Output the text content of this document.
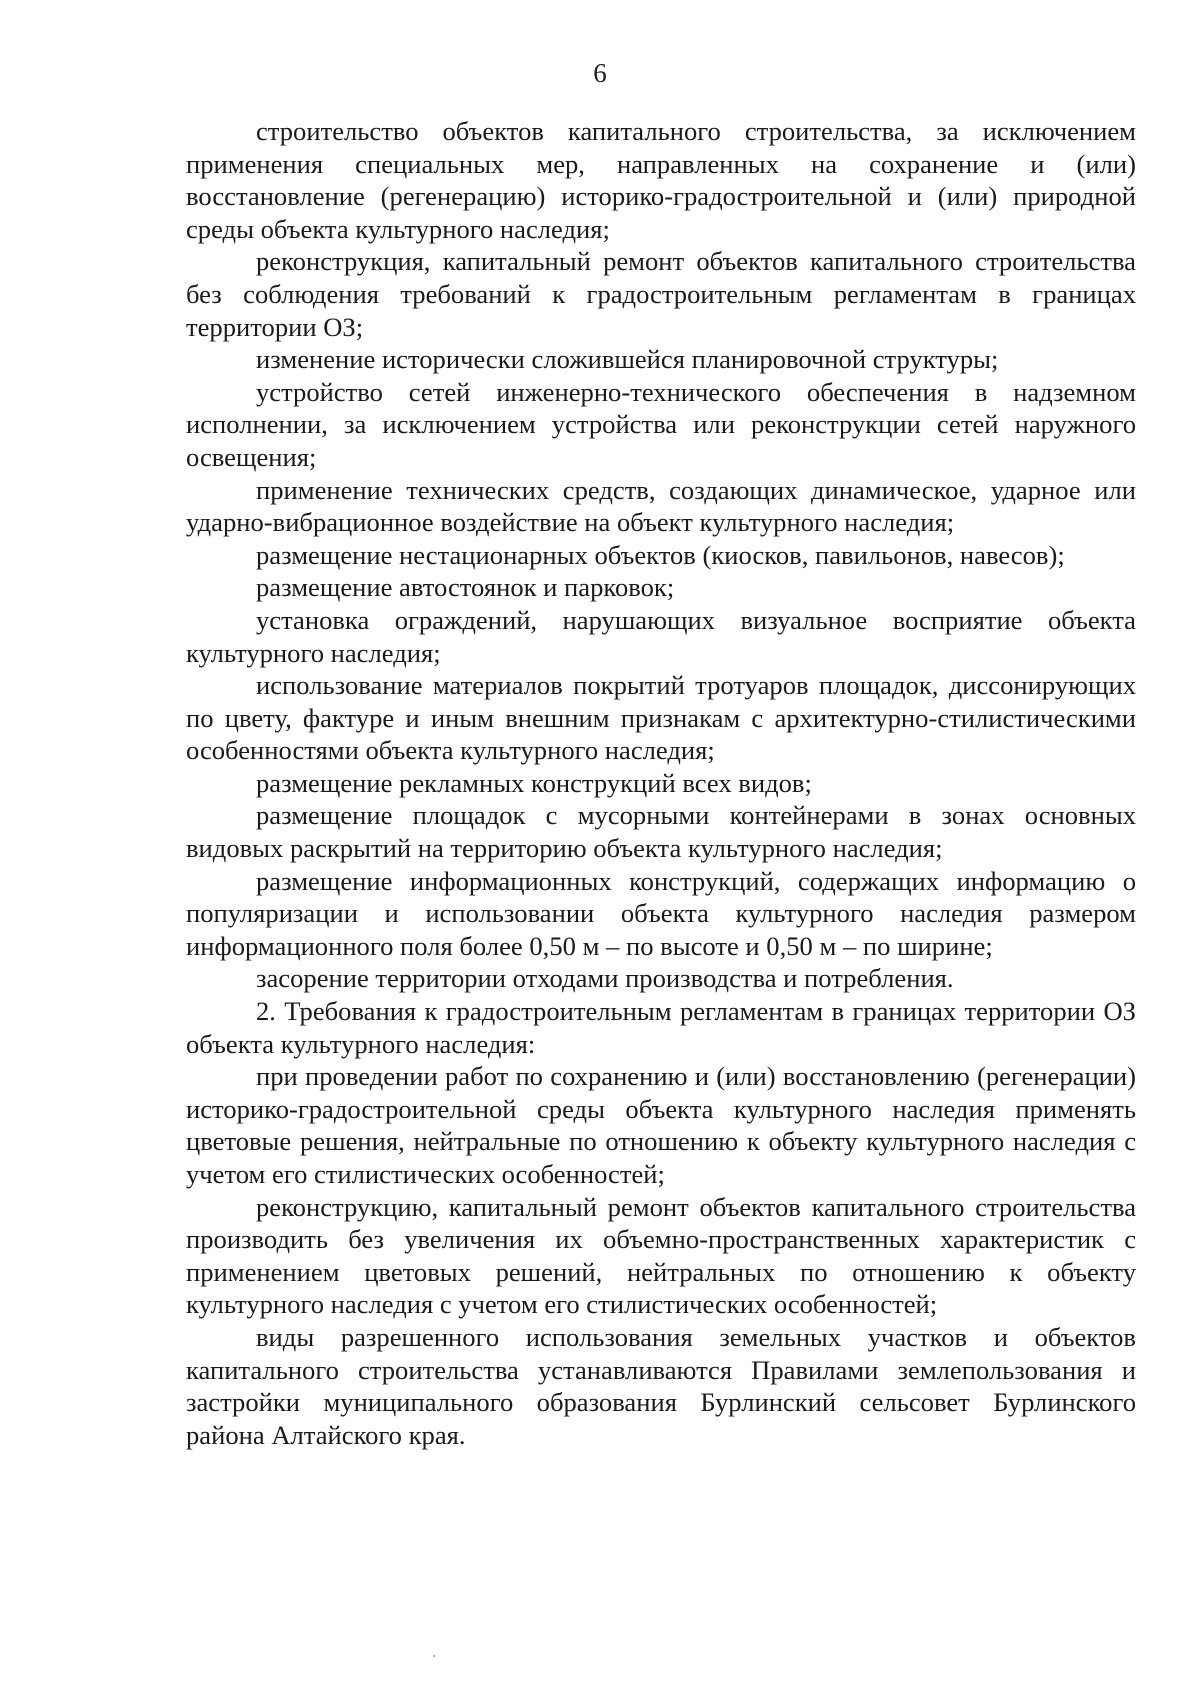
6

строительство объектов капитального строительства, за исключением применения специальных мер, направленных на сохранение и (или) восстановление (регенерацию) историко-градостроительной и (или) природной среды объекта культурного наследия;

реконструкция, капитальный ремонт объектов капитального строительства без соблюдения требований к градостроительным регламентам в границах территории ОЗ;

изменение исторически сложившейся планировочной структуры;

устройство сетей инженерно-технического обеспечения в надземном исполнении, за исключением устройства или реконструкции сетей наружного освещения;

применение технических средств, создающих динамическое, ударное или ударно-вибрационное воздействие на объект культурного наследия;

размещение нестационарных объектов (киосков, павильонов, навесов);

размещение автостоянок и парковок;

установка ограждений, нарушающих визуальное восприятие объекта культурного наследия;

использование материалов покрытий тротуаров площадок, диссонирующих по цвету, фактуре и иным внешним признакам с архитектурно-стилистическими особенностями объекта культурного наследия;

размещение рекламных конструкций всех видов;

размещение площадок с мусорными контейнерами в зонах основных видовых раскрытий на территорию объекта культурного наследия;

размещение информационных конструкций, содержащих информацию о популяризации и использовании объекта культурного наследия размером информационного поля более 0,50 м – по высоте и 0,50 м – по ширине;

засорение территории отходами производства и потребления.

2. Требования к градостроительным регламентам в границах территории ОЗ объекта культурного наследия:

при проведении работ по сохранению и (или) восстановлению (регенерации) историко-градостроительной среды объекта культурного наследия применять цветовые решения, нейтральные по отношению к объекту культурного наследия с учетом его стилистических особенностей;

реконструкцию, капитальный ремонт объектов капитального строительства производить без увеличения их объемно-пространственных характеристик с применением цветовых решений, нейтральных по отношению к объекту культурного наследия с учетом его стилистических особенностей;

виды разрешенного использования земельных участков и объектов капитального строительства устанавливаются Правилами землепользования и застройки муниципального образования Бурлинский сельсовет Бурлинского района Алтайского края.
